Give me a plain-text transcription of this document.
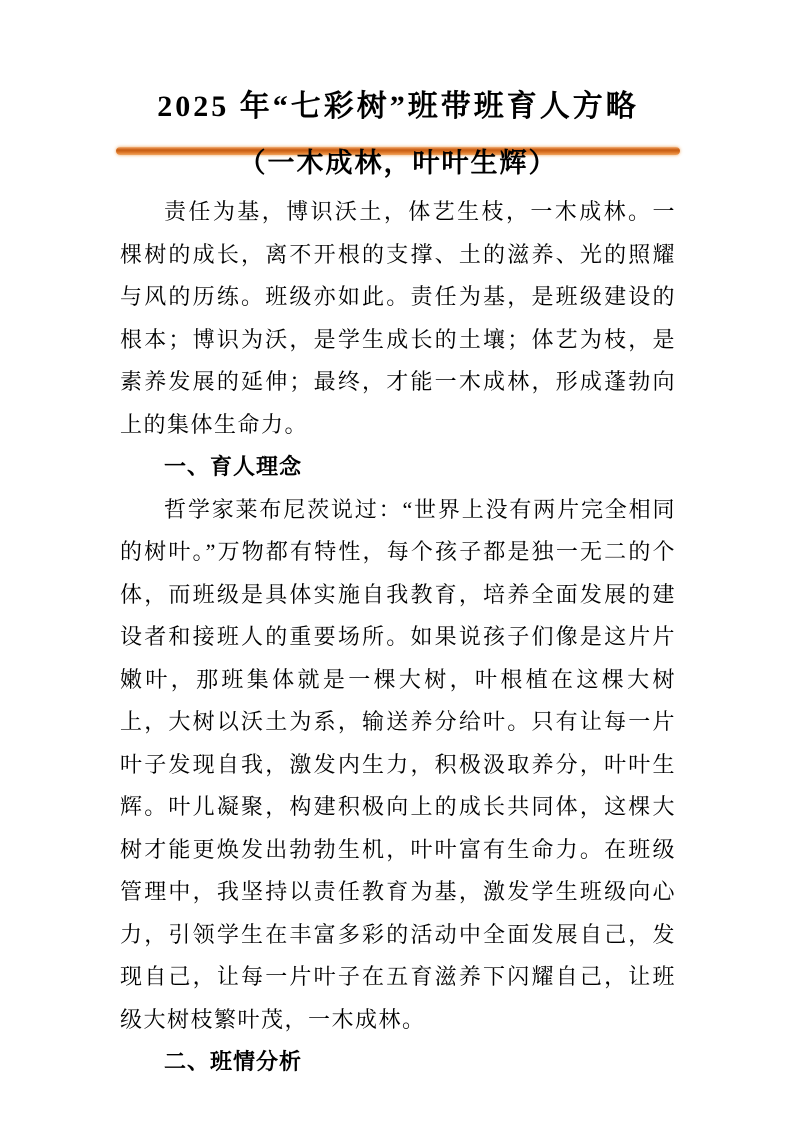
2025 年“七彩树”班带班育人方略
（一木成林，叶叶生辉）

责任为基，博识沃土，体艺生枝，一木成林。一棵树的成长，离不开根的支撑、土的滋养、光的照耀与风的历练。班级亦如此。责任为基，是班级建设的根本；博识为沃，是学生成长的土壤；体艺为枝，是素养发展的延伸；最终，才能一木成林，形成蓬勃向上的集体生命力。

一、育人理念

哲学家莱布尼茨说过：“世界上没有两片完全相同的树叶。”万物都有特性，每个孩子都是独一无二的个体，而班级是具体实施自我教育，培养全面发展的建设者和接班人的重要场所。如果说孩子们像是这片片嫩叶，那班集体就是一棵大树，叶根植在这棵大树上，大树以沃土为系，输送养分给叶。只有让每一片叶子发现自我，激发内生力，积极汲取养分，叶叶生辉。叶儿凝聚，构建积极向上的成长共同体，这棵大树才能更焕发出勃勃生机，叶叶富有生命力。在班级管理中，我坚持以责任教育为基，激发学生班级向心力，引领学生在丰富多彩的活动中全面发展自己，发现自己，让每一片叶子在五育滋养下闪耀自己，让班级大树枝繁叶茂，一木成林。

二、班情分析
